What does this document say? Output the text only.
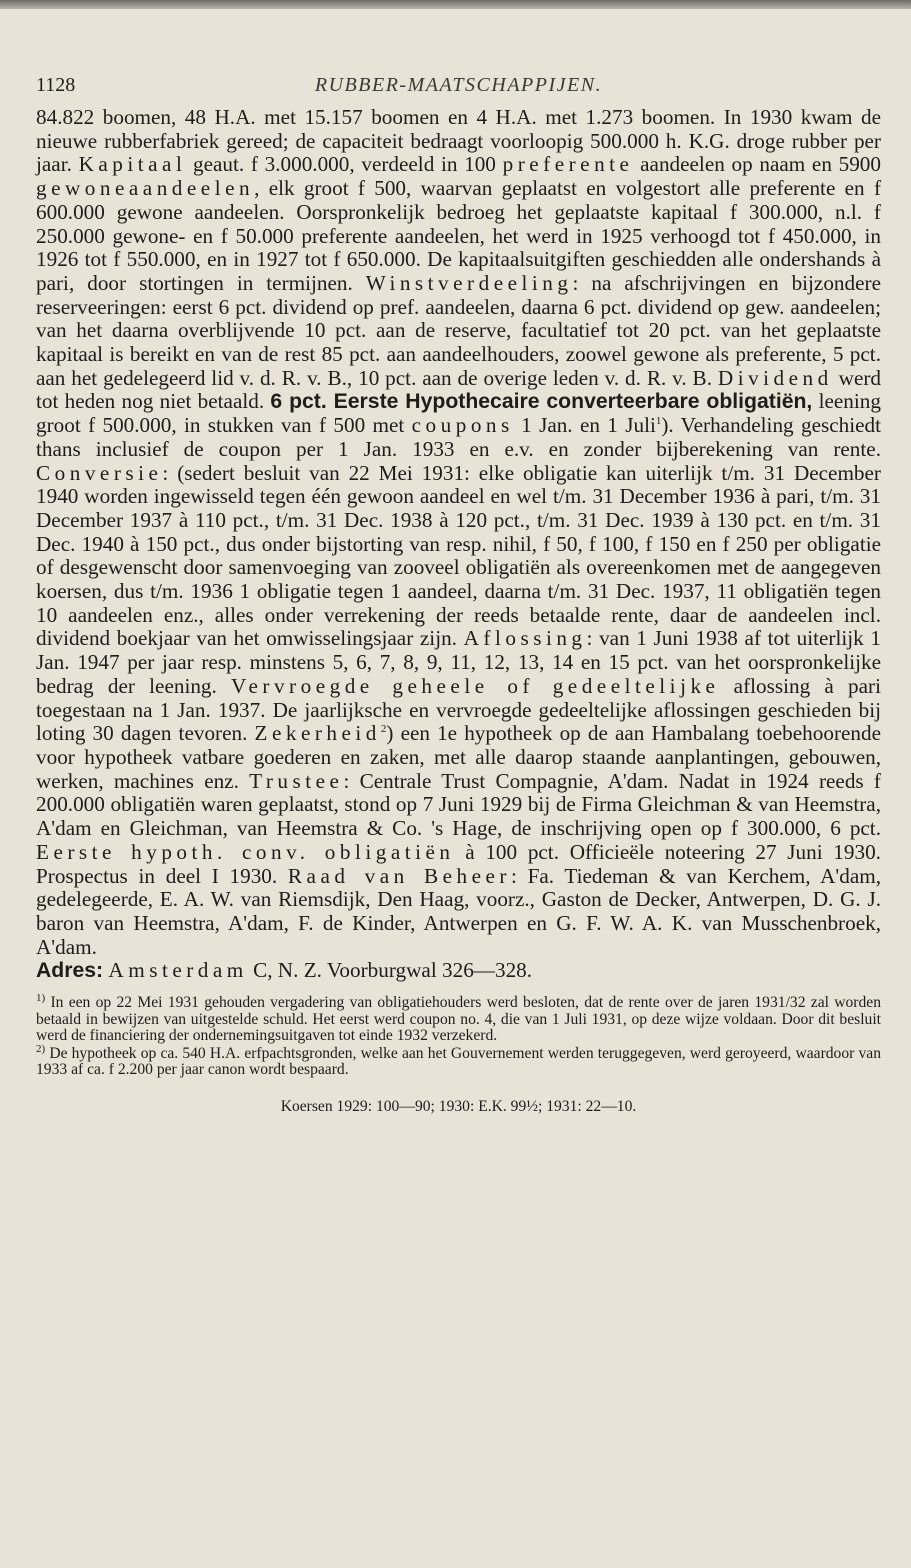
1128	RUBBER-MAATSCHAPPIJEN.
84.822 boomen, 48 H.A. met 15.157 boomen en 4 H.A. met 1.273 boomen. In 1930 kwam de nieuwe rubberfabriek gereed; de capaciteit bedraagt voorloopig 500.000 h. K.G. droge rubber per jaar. Kapitaal geaut. f 3.000.000, verdeeld in 100 preferente aandeelen op naam en 5900 gewoneaandeelen, elk groot f 500, waarvan geplaatst en volgestort alle preferente en f 600.000 gewone aandeelen. Oorspronkelijk bedroeg het geplaatste kapitaal f 300.000, n.l. f 250.000 gewone- en f 50.000 preferente aandeelen, het werd in 1925 verhoogd tot f 450.000, in 1926 tot f 550.000, en in 1927 tot f 650.000. De kapitaalsuitgiften geschiedden alle ondershands à pari, door stortingen in termijnen. Winstverdeeling: na afschrijvingen en bijzondere reserveeringen: eerst 6 pct. dividend op pref. aandeelen, daarna 6 pct. dividend op gew. aandeelen; van het daarna overblijvende 10 pct. aan de reserve, facultatief tot 20 pct. van het geplaatste kapitaal is bereikt en van de rest 85 pct. aan aandeelhouders, zoowel gewone als preferente, 5 pct. aan het gedelegeerd lid v. d. R. v. B., 10 pct. aan de overige leden v. d. R. v. B. Dividend werd tot heden nog niet betaald. 6 pct. Eerste Hypothecaire converteerbare obligatiën, leening groot f 500.000, in stukken van f 500 met coupons 1 Jan. en 1 Juli$^1$). Verhandeling geschiedt thans inclusief de coupon per 1 Jan. 1933 en e.v. en zonder bijberekening van rente. Conversie: (sedert besluit van 22 Mei 1931: elke obligatie kan uiterlijk t/m. 31 December 1940 worden ingewisseld tegen één gewoon aandeel en wel t/m. 31 December 1936 à pari, t/m. 31 December 1937 à 110 pct., t/m. 31 Dec. 1938 à 120 pct., t/m. 31 Dec. 1939 à 130 pct. en t/m. 31 Dec. 1940 à 150 pct., dus onder bijstorting van resp. nihil, f 50, f 100, f 150 en f 250 per obligatie of desgewenscht door samenvoeging van zooveel obligatiën als overeenkomen met de aangegeven koersen, dus t/m. 1936 1 obligatie tegen 1 aandeel, daarna t/m. 31 Dec. 1937, 11 obligatiën tegen 10 aandeelen enz., alles onder verrekening der reeds betaalde rente, daar de aandeelen incl. dividend boekjaar van het omwisselingsjaar zijn. Aflossing: van 1 Juni 1938 af tot uiterlijk 1 Jan. 1947 per jaar resp. minstens 5, 6, 7, 8, 9, 11, 12, 13, 14 en 15 pct. van het oorspronkelijke bedrag der leening. Vervroegde geheele of gedeeltelijke aflossing à pari toegestaan na 1 Jan. 1937. De jaarlijksche en vervroegde gedeeltelijke aflossingen geschieden bij loting 30 dagen tevoren. Zekerheid$^2$) een 1e hypotheek op de aan Hambalang toebehoorende voor hypotheek vatbare goederen en zaken, met alle daarop staande aanplantingen, gebouwen, werken, machines enz. Trustee: Centrale Trust Compagnie, A'dam. Nadat in 1924 reeds f 200.000 obligatiën waren geplaatst, stond op 7 Juni 1929 bij de Firma Gleichman & van Heemstra, A'dam en Gleichman, van Heemstra & Co. 's Hage, de inschrijving open op f 300.000, 6 pct. Eerste hypoth. conv. obligatiën à 100 pct. Officieële noteering 27 Juni 1930. Prospectus in deel I 1930. Raad van Beheer: Fa. Tiedeman & van Kerchem, A'dam, gedelegeerde, E. A. W. van Riemsdijk, Den Haag, voorz., Gaston de Decker, Antwerpen, D. G. J. baron van Heemstra, A'dam, F. de Kinder, Antwerpen en G. F. W. A. K. van Musschenbroek, A'dam.
Adres: Amsterdam C, N. Z. Voorburgwal 326—328.
$^{1)}$ In een op 22 Mei 1931 gehouden vergadering van obligatiehouders werd besloten, dat de rente over de jaren 1931/32 zal worden betaald in bewijzen van uitgestelde schuld. Het eerst werd coupon no. 4, die van 1 Juli 1931, op deze wijze voldaan. Door dit besluit werd de financiering der ondernemingsuitgaven tot einde 1932 verzekerd.
$^{2)}$ De hypotheek op ca. 540 H.A. erfpachtsgronden, welke aan het Gouvernement werden teruggegeven, werd geroyeerd, waardoor van 1933 af ca. f 2.200 per jaar canon wordt bespaard.
Koersen 1929: 100—90; 1930: E.K. 99½; 1931: 22—10.
